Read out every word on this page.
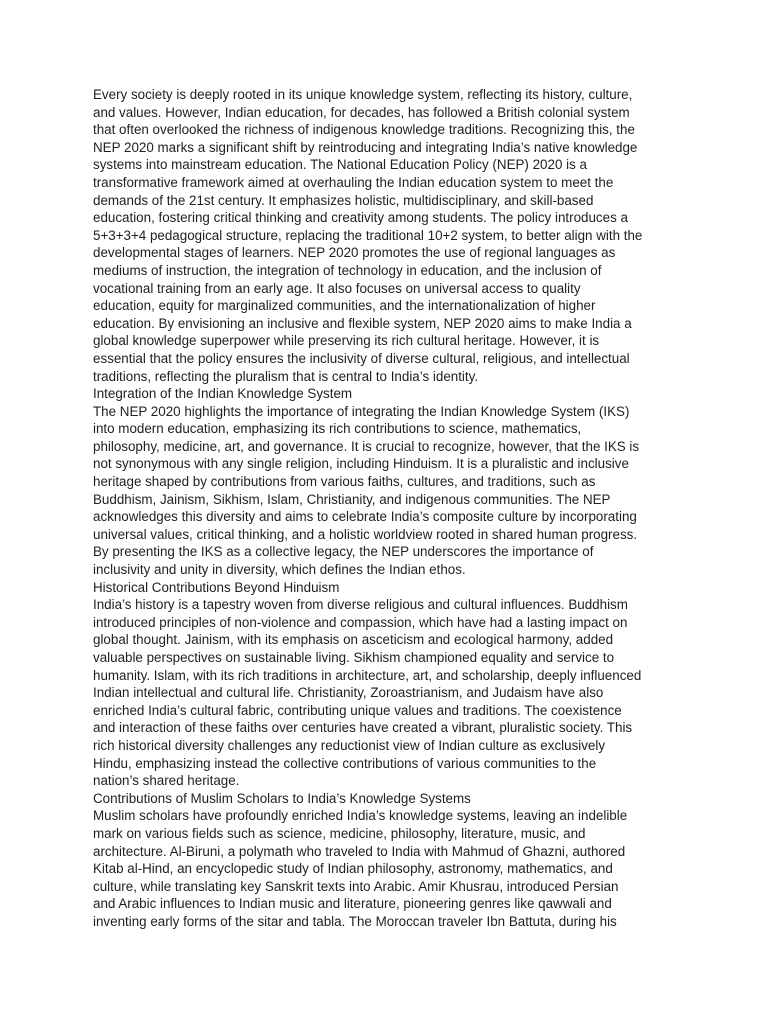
Every society is deeply rooted in its unique knowledge system, reflecting its history, culture,
and values. However, Indian education, for decades, has followed a British colonial system
that often overlooked the richness of indigenous knowledge traditions. Recognizing this, the
NEP 2020 marks a significant shift by reintroducing and integrating India’s native knowledge
systems into mainstream education. The National Education Policy (NEP) 2020 is a
transformative framework aimed at overhauling the Indian education system to meet the
demands of the 21st century. It emphasizes holistic, multidisciplinary, and skill-based
education, fostering critical thinking and creativity among students. The policy introduces a
5+3+3+4 pedagogical structure, replacing the traditional 10+2 system, to better align with the
developmental stages of learners. NEP 2020 promotes the use of regional languages as
mediums of instruction, the integration of technology in education, and the inclusion of
vocational training from an early age. It also focuses on universal access to quality
education, equity for marginalized communities, and the internationalization of higher
education. By envisioning an inclusive and flexible system, NEP 2020 aims to make India a
global knowledge superpower while preserving its rich cultural heritage. However, it is
essential that the policy ensures the inclusivity of diverse cultural, religious, and intellectual
traditions, reflecting the pluralism that is central to India’s identity.
Integration of the Indian Knowledge System
The NEP 2020 highlights the importance of integrating the Indian Knowledge System (IKS)
into modern education, emphasizing its rich contributions to science, mathematics,
philosophy, medicine, art, and governance. It is crucial to recognize, however, that the IKS is
not synonymous with any single religion, including Hinduism. It is a pluralistic and inclusive
heritage shaped by contributions from various faiths, cultures, and traditions, such as
Buddhism, Jainism, Sikhism, Islam, Christianity, and indigenous communities. The NEP
acknowledges this diversity and aims to celebrate India’s composite culture by incorporating
universal values, critical thinking, and a holistic worldview rooted in shared human progress.
By presenting the IKS as a collective legacy, the NEP underscores the importance of
inclusivity and unity in diversity, which defines the Indian ethos.
Historical Contributions Beyond Hinduism
India’s history is a tapestry woven from diverse religious and cultural influences. Buddhism
introduced principles of non-violence and compassion, which have had a lasting impact on
global thought. Jainism, with its emphasis on asceticism and ecological harmony, added
valuable perspectives on sustainable living. Sikhism championed equality and service to
humanity. Islam, with its rich traditions in architecture, art, and scholarship, deeply influenced
Indian intellectual and cultural life. Christianity, Zoroastrianism, and Judaism have also
enriched India’s cultural fabric, contributing unique values and traditions. The coexistence
and interaction of these faiths over centuries have created a vibrant, pluralistic society. This
rich historical diversity challenges any reductionist view of Indian culture as exclusively
Hindu, emphasizing instead the collective contributions of various communities to the
nation’s shared heritage.
Contributions of Muslim Scholars to India’s Knowledge Systems
Muslim scholars have profoundly enriched India’s knowledge systems, leaving an indelible
mark on various fields such as science, medicine, philosophy, literature, music, and
architecture. Al-Biruni, a polymath who traveled to India with Mahmud of Ghazni, authored
Kitab al-Hind, an encyclopedic study of Indian philosophy, astronomy, mathematics, and
culture, while translating key Sanskrit texts into Arabic. Amir Khusrau, introduced Persian
and Arabic influences to Indian music and literature, pioneering genres like qawwali and
inventing early forms of the sitar and tabla. The Moroccan traveler Ibn Battuta, during his
